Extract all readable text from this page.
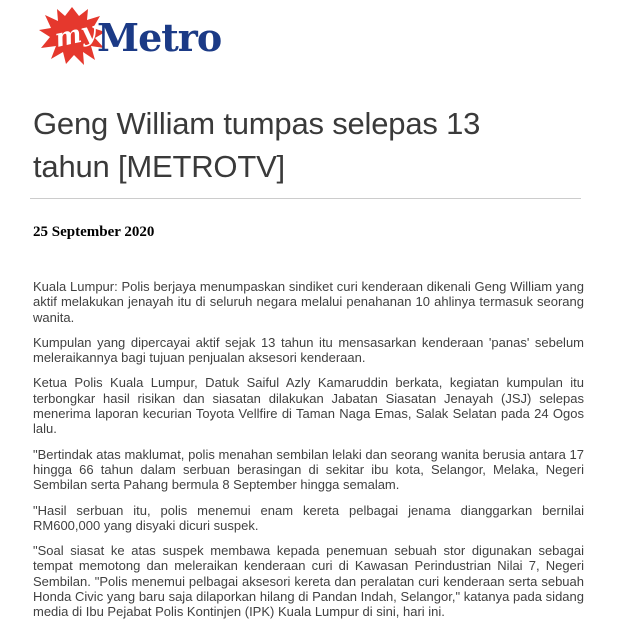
my
Metro
Geng William tumpas selepas 13 tahun [METROTV]
25 September 2020

Kuala Lumpur: Polis berjaya menumpaskan sindiket curi kenderaan dikenali Geng William yang aktif melakukan jenayah itu di seluruh negara melalui penahanan 10 ahlinya termasuk seorang wanita.

Kumpulan yang dipercayai aktif sejak 13 tahun itu mensasarkan kenderaan 'panas' sebelum meleraikannya bagi tujuan penjualan aksesori kenderaan.

Ketua Polis Kuala Lumpur, Datuk Saiful Azly Kamaruddin berkata, kegiatan kumpulan itu terbongkar hasil risikan dan siasatan dilakukan Jabatan Siasatan Jenayah (JSJ) selepas menerima laporan kecurian Toyota Vellfire di Taman Naga Emas, Salak Selatan pada 24 Ogos lalu.

"Bertindak atas maklumat, polis menahan sembilan lelaki dan seorang wanita berusia antara 17 hingga 66 tahun dalam serbuan berasingan di sekitar ibu kota, Selangor, Melaka, Negeri Sembilan serta Pahang bermula 8 September hingga semalam.

"Hasil serbuan itu, polis menemui enam kereta pelbagai jenama dianggarkan bernilai RM600,000 yang disyaki dicuri suspek.

"Soal siasat ke atas suspek membawa kepada penemuan sebuah stor digunakan sebagai tempat memotong dan meleraikan kenderaan curi di Kawasan Perindustrian Nilai 7, Negeri Sembilan. "Polis menemui pelbagai aksesori kereta dan peralatan curi kenderaan serta sebuah Honda Civic yang baru saja dilaporkan hilang di Pandan Indah, Selangor," katanya pada sidang media di Ibu Pejabat Polis Kontinjen (IPK) Kuala Lumpur di sini, hari ini.
